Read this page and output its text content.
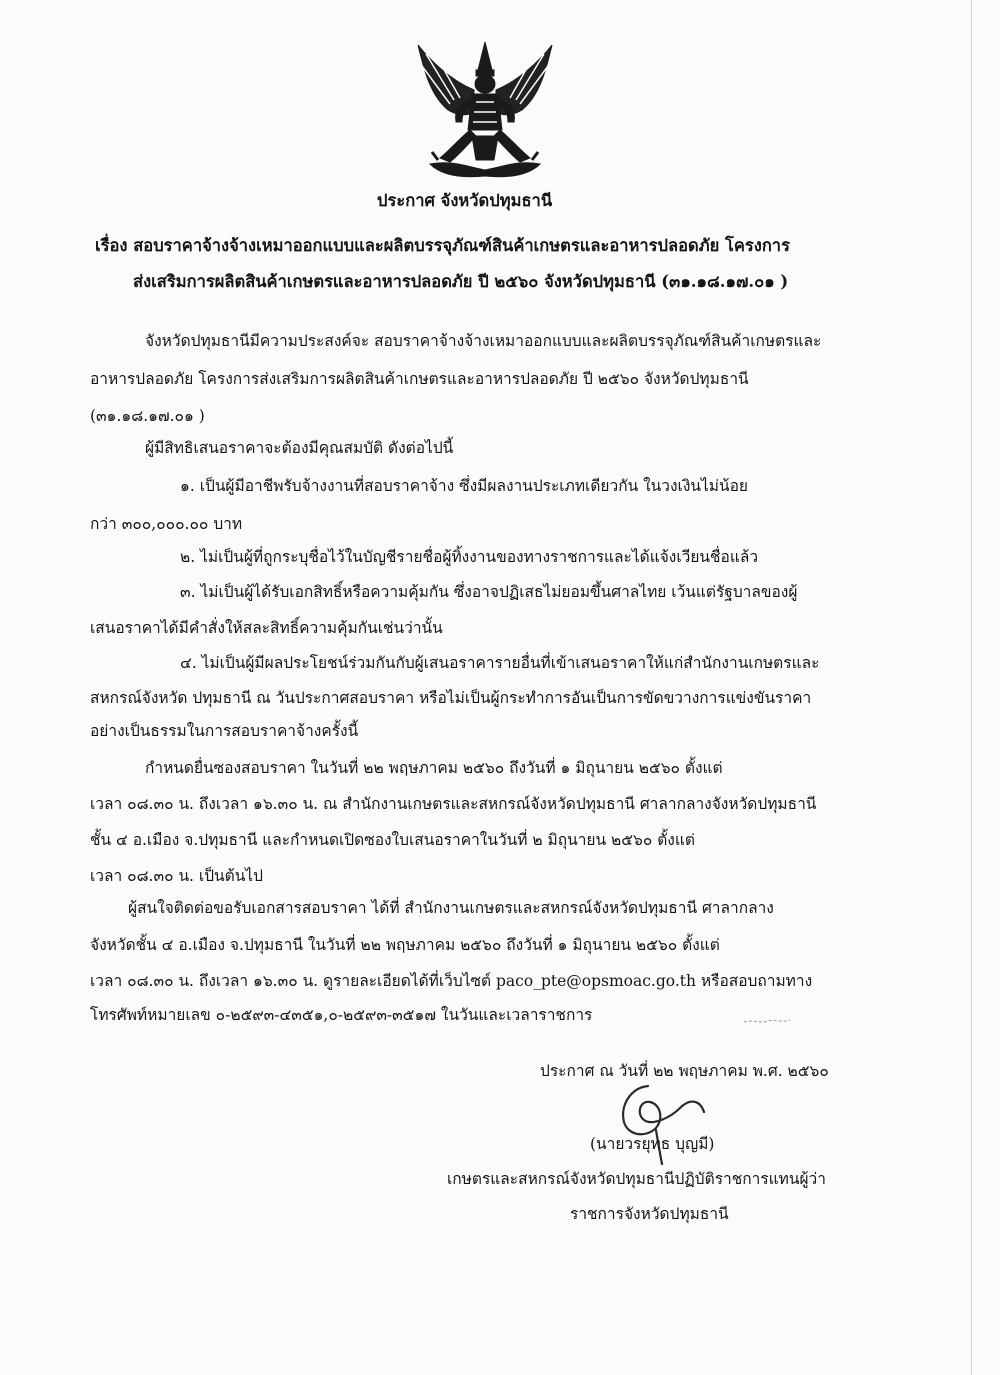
ประกาศ จังหวัดปทุมธานี
เรื่อง สอบราคาจ้างจ้างเหมาออกแบบและผลิตบรรจุภัณฑ์สินค้าเกษตรและอาหารปลอดภัย โครงการ
ส่งเสริมการผลิตสินค้าเกษตรและอาหารปลอดภัย ปี ๒๕๖๐ จังหวัดปทุมธานี (๓๑.๑๘.๑๗.๐๑ )
จังหวัดปทุมธานีมีความประสงค์จะ สอบราคาจ้างจ้างเหมาออกแบบและผลิตบรรจุภัณฑ์สินค้าเกษตรและ
อาหารปลอดภัย โครงการส่งเสริมการผลิตสินค้าเกษตรและอาหารปลอดภัย ปี ๒๕๖๐ จังหวัดปทุมธานี
(๓๑.๑๘.๑๗.๐๑ )
ผู้มีสิทธิเสนอราคาจะต้องมีคุณสมบัติ ดังต่อไปนี้
๑. เป็นผู้มีอาชีพรับจ้างงานที่สอบราคาจ้าง ซึ่งมีผลงานประเภทเดียวกัน ในวงเงินไม่น้อย
กว่า ๓๐๐,๐๐๐.๐๐ บาท
๒. ไม่เป็นผู้ที่ถูกระบุชื่อไว้ในบัญชีรายชื่อผู้ทิ้งงานของทางราชการและได้แจ้งเวียนชื่อแล้ว
๓. ไม่เป็นผู้ได้รับเอกสิทธิ์หรือความคุ้มกัน ซึ่งอาจปฏิเสธไม่ยอมขึ้นศาลไทย เว้นแต่รัฐบาลของผู้
เสนอราคาได้มีคำสั่งให้สละสิทธิ์ความคุ้มกันเช่นว่านั้น
๔. ไม่เป็นผู้มีผลประโยชน์ร่วมกันกับผู้เสนอราคารายอื่นที่เข้าเสนอราคาให้แก่สำนักงานเกษตรและ
สหกรณ์จังหวัด ปทุมธานี ณ วันประกาศสอบราคา หรือไม่เป็นผู้กระทำการอันเป็นการขัดขวางการแข่งขันราคา
อย่างเป็นธรรมในการสอบราคาจ้างครั้งนี้
กำหนดยื่นซองสอบราคา ในวันที่ ๒๒ พฤษภาคม ๒๕๖๐ ถึงวันที่ ๑ มิถุนายน ๒๕๖๐ ตั้งแต่
เวลา ๐๘.๓๐ น. ถึงเวลา ๑๖.๓๐ น. ณ สำนักงานเกษตรและสหกรณ์จังหวัดปทุมธานี ศาลากลางจังหวัดปทุมธานี
ชั้น ๔ อ.เมือง จ.ปทุมธานี และกำหนดเปิดซองใบเสนอราคาในวันที่ ๒ มิถุนายน ๒๕๖๐ ตั้งแต่
เวลา ๐๘.๓๐ น. เป็นต้นไป
ผู้สนใจติดต่อขอรับเอกสารสอบราคา ได้ที่ สำนักงานเกษตรและสหกรณ์จังหวัดปทุมธานี ศาลากลาง
จังหวัดชั้น ๔ อ.เมือง จ.ปทุมธานี ในวันที่ ๒๒ พฤษภาคม ๒๕๖๐ ถึงวันที่ ๑ มิถุนายน ๒๕๖๐ ตั้งแต่
เวลา ๐๘.๓๐ น. ถึงเวลา ๑๖.๓๐ น. ดูรายละเอียดได้ที่เว็บไซต์ paco_pte@opsmoac.go.th หรือสอบถามทาง
โทรศัพท์หมายเลข ๐-๒๕๙๓-๔๓๕๑,๐-๒๕๙๓-๓๕๑๗ ในวันและเวลาราชการ
ประกาศ ณ วันที่ ๒๒ พฤษภาคม พ.ศ. ๒๕๖๐
(นายวรยุทธ บุญมี)
เกษตรและสหกรณ์จังหวัดปทุมธานีปฏิบัติราชการแทนผู้ว่า
ราชการจังหวัดปทุมธานี
